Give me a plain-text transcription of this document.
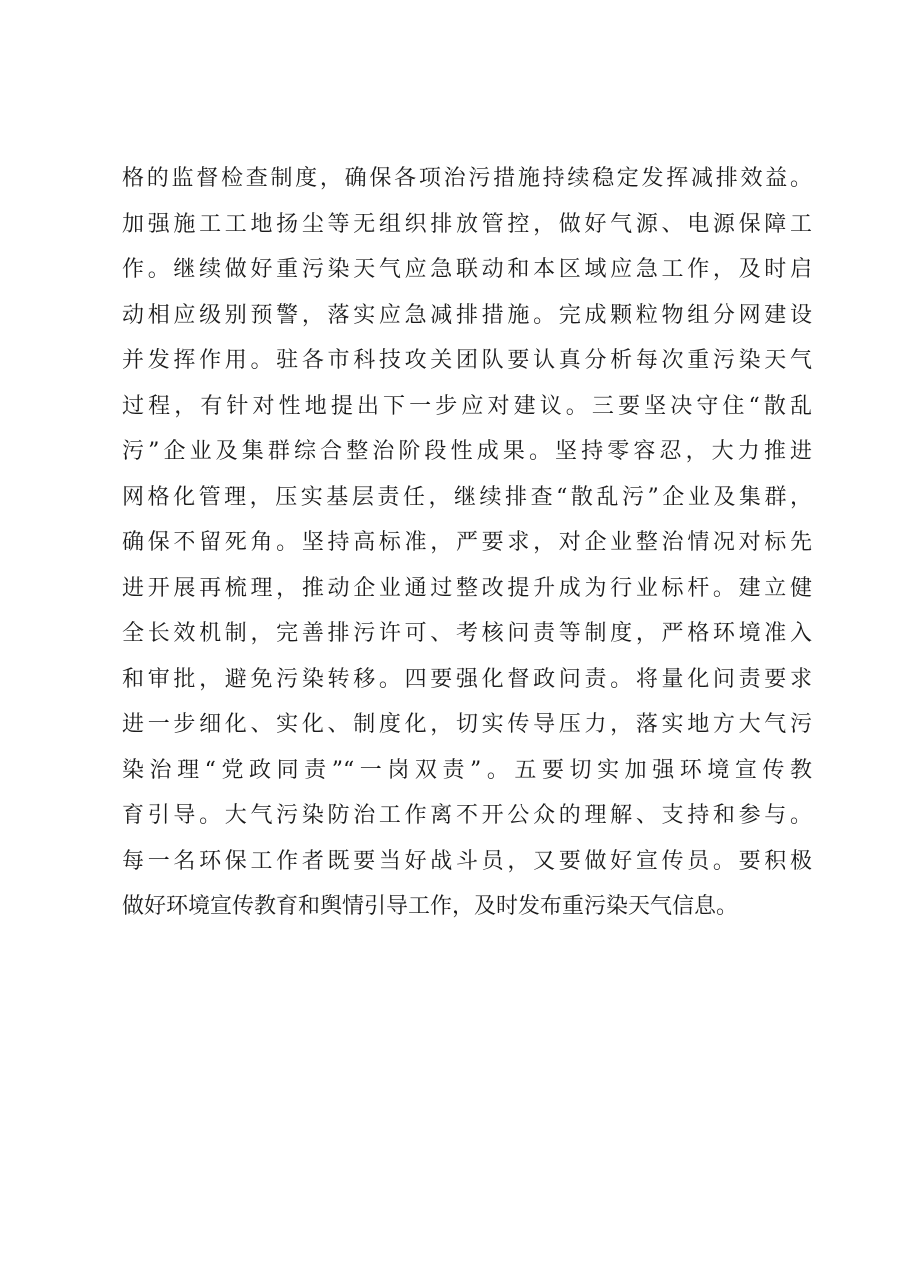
格的监督检查制度，确保各项治污措施持续稳定发挥减排效益。
加强施工工地扬尘等无组织排放管控，做好气源、电源保障工
作。继续做好重污染天气应急联动和本区域应急工作，及时启
动相应级别预警，落实应急减排措施。完成颗粒物组分网建设
并发挥作用。驻各市科技攻关团队要认真分析每次重污染天气
过程，有针对性地提出下一步应对建议。三要坚决守住“散乱
污”企业及集群综合整治阶段性成果。坚持零容忍，大力推进
网格化管理，压实基层责任，继续排查“散乱污”企业及集群，
确保不留死角。坚持高标准，严要求，对企业整治情况对标先
进开展再梳理，推动企业通过整改提升成为行业标杆。建立健
全长效机制，完善排污许可、考核问责等制度，严格环境准入
和审批，避免污染转移。四要强化督政问责。将量化问责要求
进一步细化、实化、制度化，切实传导压力，落实地方大气污
染治理“党政同责”“一岗双责”。五要切实加强环境宣传教
育引导。大气污染防治工作离不开公众的理解、支持和参与。
每一名环保工作者既要当好战斗员，又要做好宣传员。要积极
做好环境宣传教育和舆情引导工作，及时发布重污染天气信息。
